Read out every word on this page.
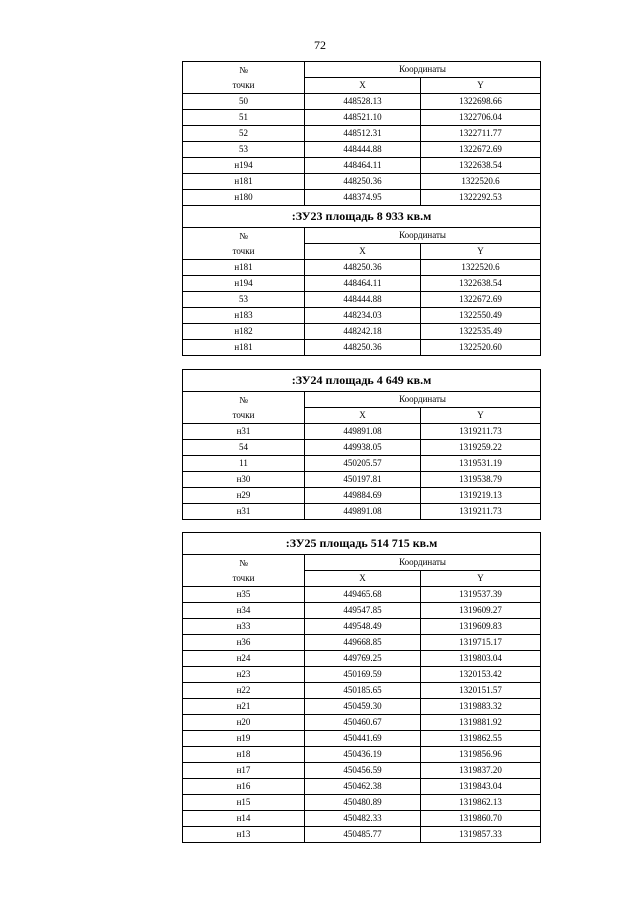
72
№
точки	Координаты	
	X	Y
50	448528.13	1322698.66
51	448521.10	1322706.04
52	448512.31	1322711.77
53	448444.88	1322672.69
н194	448464.11	1322638.54
н181	448250.36	1322520.6
н180	448374.95	1322292.53
:ЗУ23 площадь 8 933 кв.м		
№
точки	Координаты	
	X	Y
н181	448250.36	1322520.6
н194	448464.11	1322638.54
53	448444.88	1322672.69
н183	448234.03	1322550.49
н182	448242.18	1322535.49
н181	448250.36	1322520.60
:ЗУ24 площадь 4 649 кв.м		
№
точки	Координаты	
	X	Y
н31	449891.08	1319211.73
54	449938.05	1319259.22
11	450205.57	1319531.19
н30	450197.81	1319538.79
н29	449884.69	1319219.13
н31	449891.08	1319211.73
:ЗУ25 площадь 514 715 кв.м		
№
точки	Координаты	
	X	Y
н35	449465.68	1319537.39
н34	449547.85	1319609.27
н33	449548.49	1319609.83
н36	449668.85	1319715.17
н24	449769.25	1319803.04
н23	450169.59	1320153.42
н22	450185.65	1320151.57
н21	450459.30	1319883.32
н20	450460.67	1319881.92
н19	450441.69	1319862.55
н18	450436.19	1319856.96
н17	450456.59	1319837.20
н16	450462.38	1319843.04
н15	450480.89	1319862.13
н14	450482.33	1319860.70
н13	450485.77	1319857.33
